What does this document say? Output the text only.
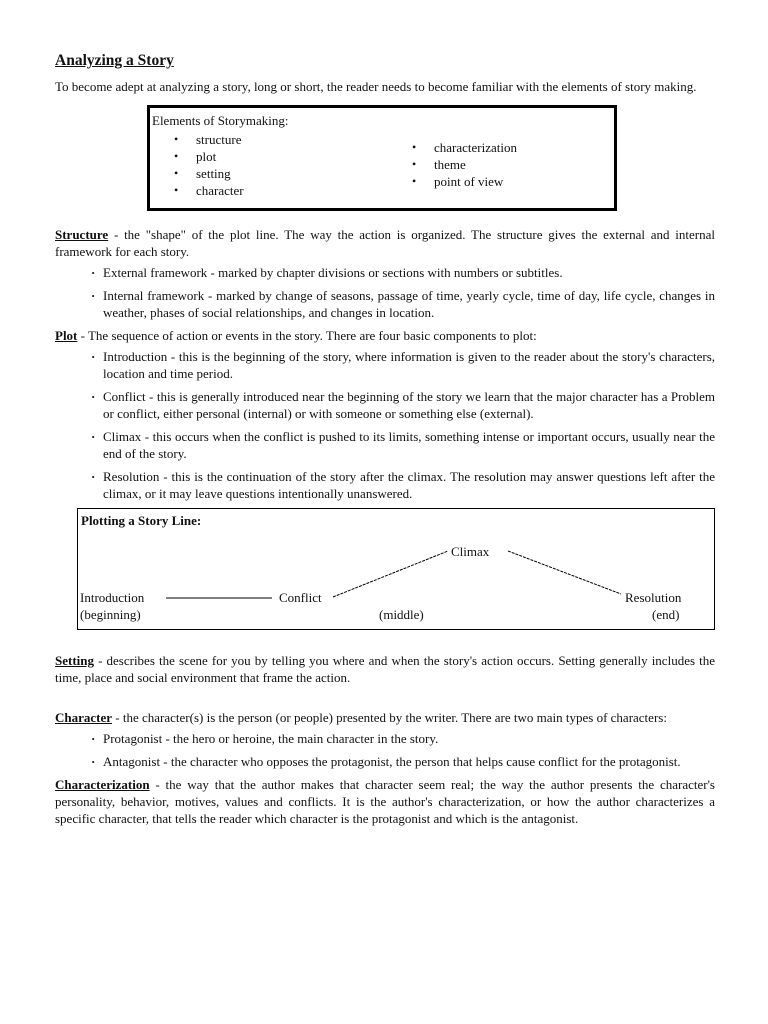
Analyzing a Story

To become adept at analyzing a story, long or short, the reader needs to become familiar with the elements of story making.

Elements of Storymaking:
• structure
• plot
• setting
• character
• characterization
• theme
• point of view

Structure - the "shape" of the plot line. The way the action is organized. The structure gives the external and internal framework for each story.

· External framework - marked by chapter divisions or sections with numbers or subtitles.
· Internal framework - marked by change of seasons, passage of time, yearly cycle, time of day, life cycle, changes in weather, phases of social relationships, and changes in location.

Plot - The sequence of action or events in the story. There are four basic components to plot:

· Introduction - this is the beginning of the story, where information is given to the reader about the story's characters, location and time period.
· Conflict - this is generally introduced near the beginning of the story we learn that the major character has a Problem or conflict, either personal (internal) or with someone or something else (external).
· Climax - this occurs when the conflict is pushed to its limits, something intense or important occurs, usually near the end of the story.
· Resolution - this is the continuation of the story after the climax. The resolution may answer questions left after the climax, or it may leave questions intentionally unanswered.
Plotting a Story Line:
Introduction
(beginning)
Conflict
(middle)
Climax
Resolution
(end)

Setting - describes the scene for you by telling you where and when the story's action occurs. Setting generally includes the time, place and social environment that frame the action.

Character - the character(s) is the person (or people) presented by the writer. There are two main types of characters:

· Protagonist - the hero or heroine, the main character in the story.
· Antagonist - the character who opposes the protagonist, the person that helps cause conflict for the protagonist.

Characterization - the way that the author makes that character seem real; the way the author presents the character's personality, behavior, motives, values and conflicts. It is the author's characterization, or how the author characterizes a specific character, that tells the reader which character is the protagonist and which is the antagonist.
